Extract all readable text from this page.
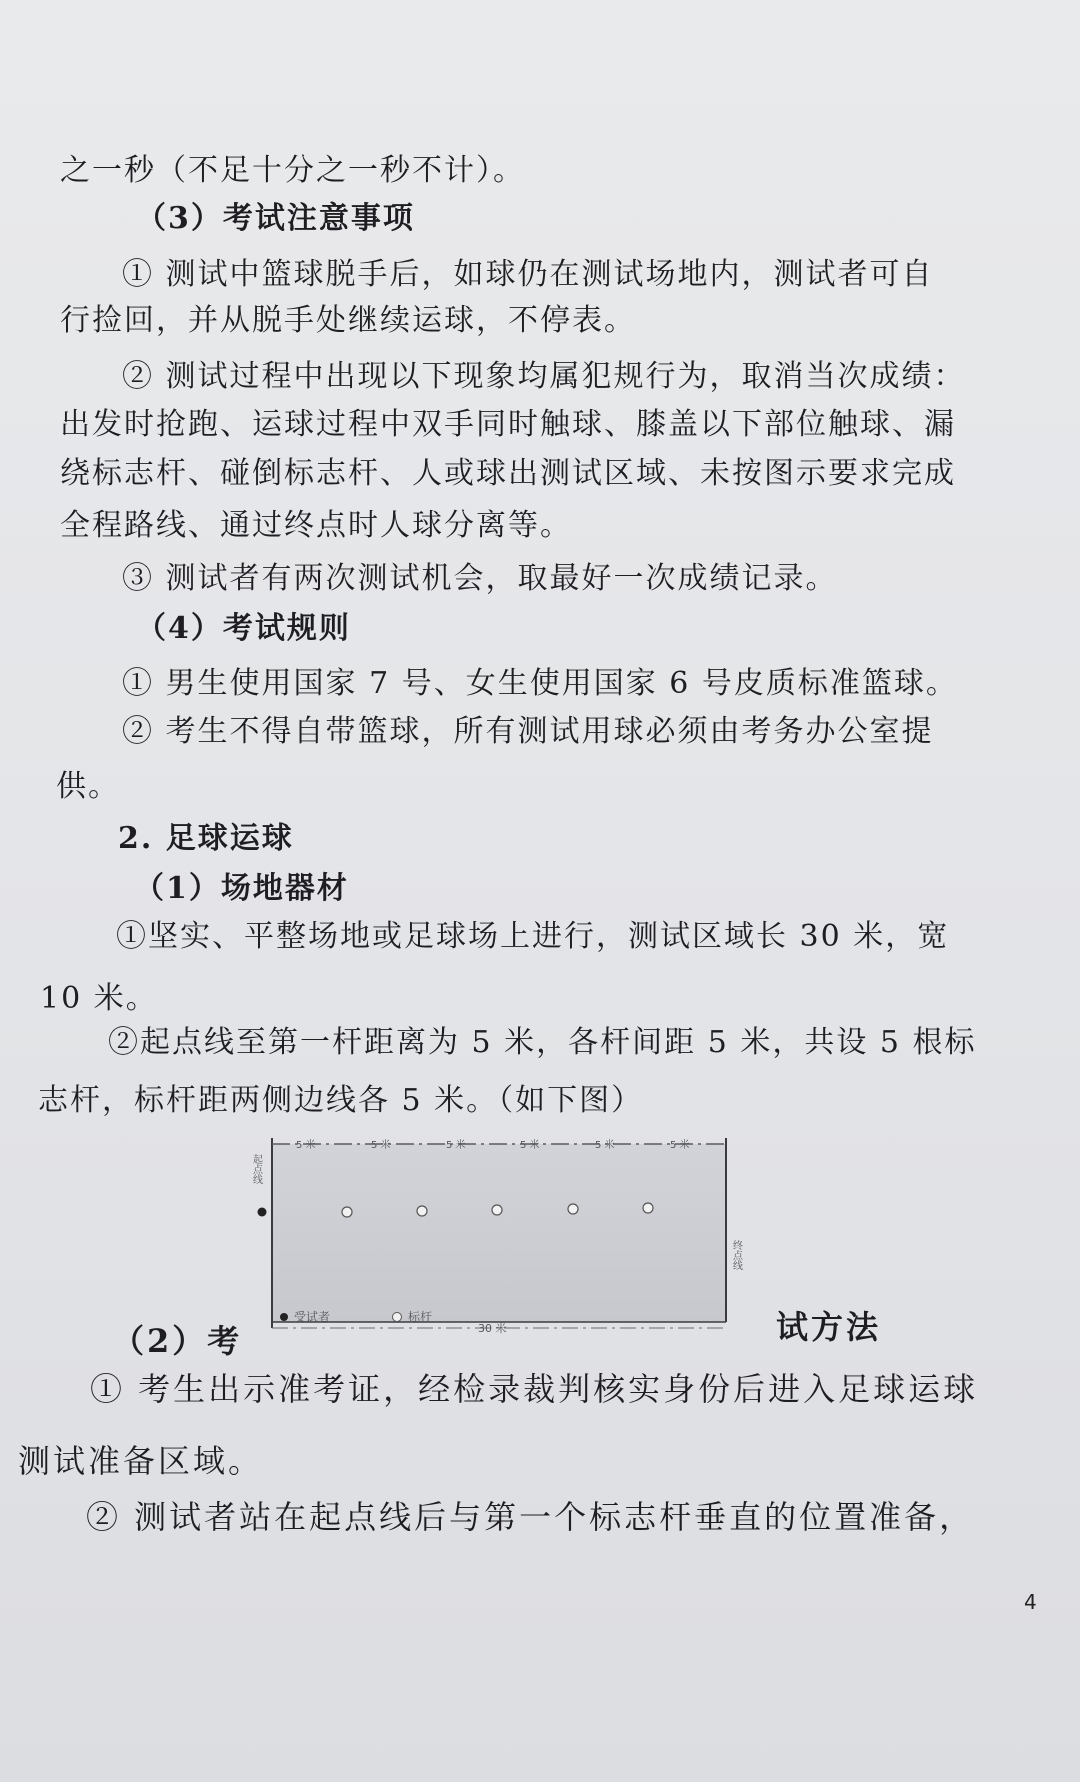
之一秒（不足十分之一秒不计）。
（3）考试注意事项
① 测试中篮球脱手后，如球仍在测试场地内，测试者可自
行捡回，并从脱手处继续运球，不停表。
② 测试过程中出现以下现象均属犯规行为，取消当次成绩：
出发时抢跑、运球过程中双手同时触球、膝盖以下部位触球、漏
绕标志杆、碰倒标志杆、人或球出测试区域、未按图示要求完成
全程路线、通过终点时人球分离等。
③ 测试者有两次测试机会，取最好一次成绩记录。
（4）考试规则
① 男生使用国家 7 号、女生使用国家 6 号皮质标准篮球。
② 考生不得自带篮球，所有测试用球必须由考务办公室提
供。
2. 足球运球
（1）场地器材
①坚实、平整场地或足球场上进行，测试区域长 30 米，宽
10 米。
②起点线至第一杆距离为 5 米，各杆间距 5 米，共设 5 根标
志杆，标杆距两侧边线各 5 米。（如下图）
5 米	5 米	5 米	5 米	5 米	5 米
30 米
起点线
终点线
受试者	标杆
（2）考	试方法
① 考生出示准考证，经检录裁判核实身份后进入足球运球
测试准备区域。
② 测试者站在起点线后与第一个标志杆垂直的位置准备，
4
